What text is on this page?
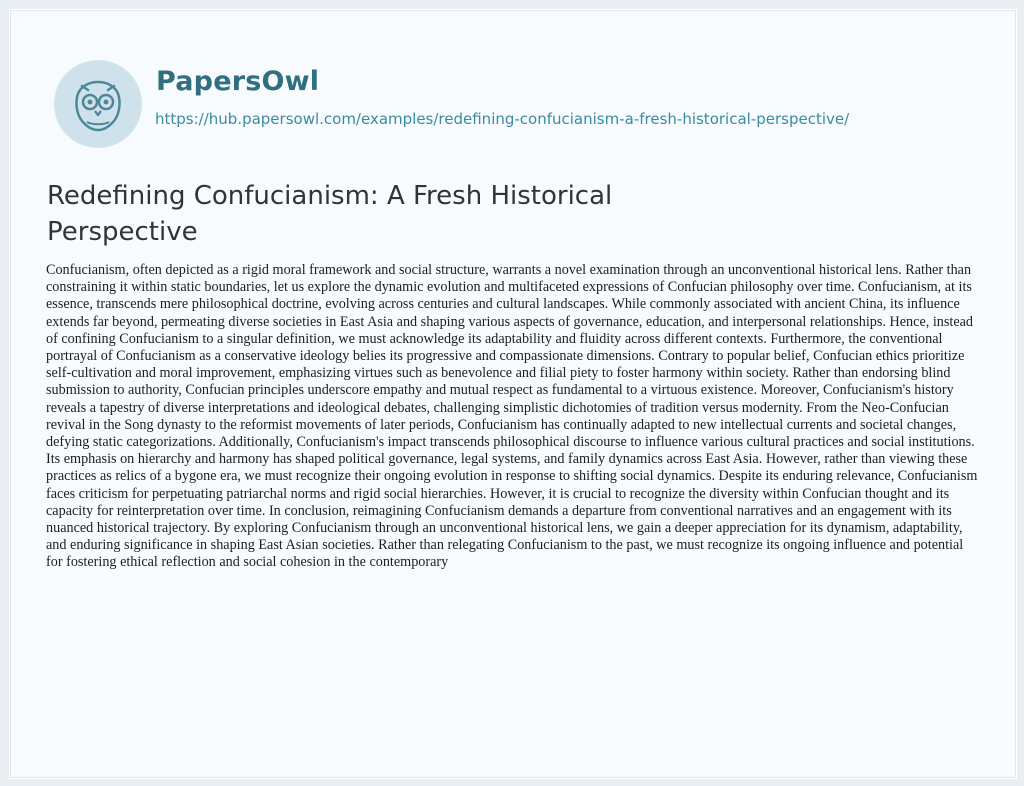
PapersOwl
https://hub.papersowl.com/examples/redefining-confucianism-a-fresh-historical-perspective/
Redefining Confucianism: A Fresh Historical Perspective

Confucianism, often depicted as a rigid moral framework and social structure, warrants a novel examination through an unconventional historical lens. Rather than constraining it within static boundaries, let us explore the dynamic evolution and multifaceted expressions of Confucian philosophy over time. Confucianism, at its essence, transcends mere philosophical doctrine, evolving across centuries and cultural landscapes. While commonly associated with ancient China, its influence extends far beyond, permeating diverse societies in East Asia and shaping various aspects of governance, education, and interpersonal relationships. Hence, instead of confining Confucianism to a singular definition, we must acknowledge its adaptability and fluidity across different contexts. Furthermore, the conventional portrayal of Confucianism as a conservative ideology belies its progressive and compassionate dimensions. Contrary to popular belief, Confucian ethics prioritize self-cultivation and moral improvement, emphasizing virtues such as benevolence and filial piety to foster harmony within society. Rather than endorsing blind submission to authority, Confucian principles underscore empathy and mutual respect as fundamental to a virtuous existence. Moreover, Confucianism's history reveals a tapestry of diverse interpretations and ideological debates, challenging simplistic dichotomies of tradition versus modernity. From the Neo-Confucian revival in the Song dynasty to the reformist movements of later periods, Confucianism has continually adapted to new intellectual currents and societal changes, defying static categorizations. Additionally, Confucianism's impact transcends philosophical discourse to influence various cultural practices and social institutions. Its emphasis on hierarchy and harmony has shaped political governance, legal systems, and family dynamics across East Asia. However, rather than viewing these practices as relics of a bygone era, we must recognize their ongoing evolution in response to shifting social dynamics. Despite its enduring relevance, Confucianism faces criticism for perpetuating patriarchal norms and rigid social hierarchies. However, it is crucial to recognize the diversity within Confucian thought and its capacity for reinterpretation over time. In conclusion, reimagining Confucianism demands a departure from conventional narratives and an engagement with its nuanced historical trajectory. By exploring Confucianism through an unconventional historical lens, we gain a deeper appreciation for its dynamism, adaptability, and enduring significance in shaping East Asian societies. Rather than relegating Confucianism to the past, we must recognize its ongoing influence and potential for fostering ethical reflection and social cohesion in the contemporary
